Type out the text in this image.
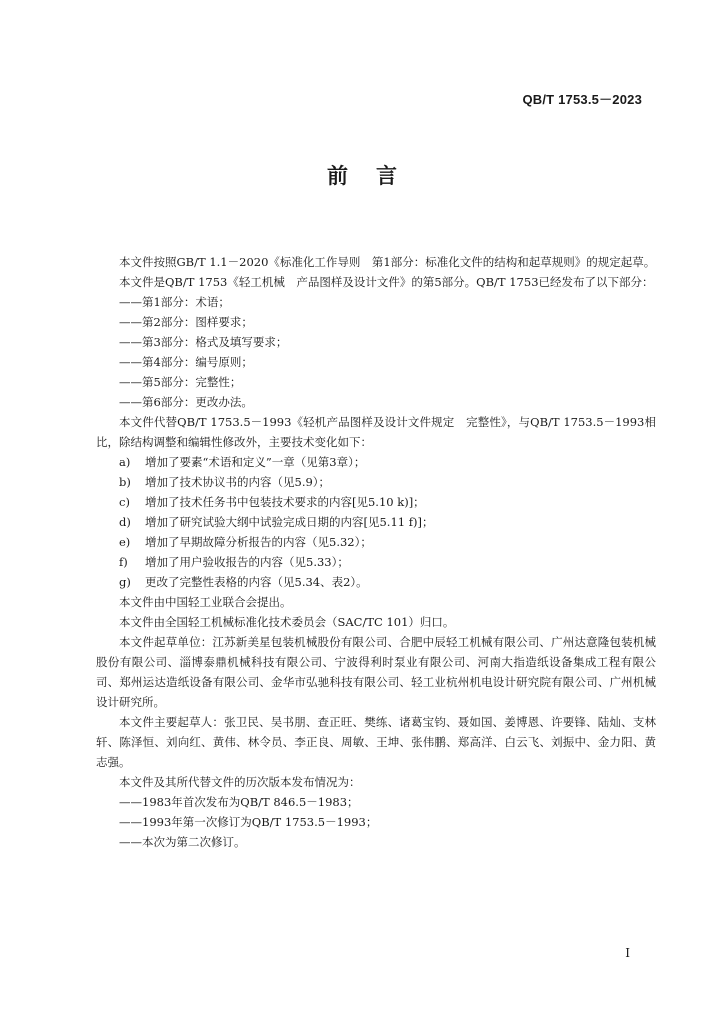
QB/T 1753.5－2023
前言

本文件按照GB/T 1.1－2020《标准化工作导则　第1部分：标准化文件的结构和起草规则》的规定起草。

本文件是QB/T 1753《轻工机械　产品图样及设计文件》的第5部分。QB/T 1753已经发布了以下部分：

——第1部分：术语；

——第2部分：图样要求；

——第3部分：格式及填写要求；

——第4部分：编号原则；

——第5部分：完整性；

——第6部分：更改办法。

本文件代替QB/T 1753.5－1993《轻机产品图样及设计文件规定　完整性》，与QB/T 1753.5－1993相比，除结构调整和编辑性修改外，主要技术变化如下：

a)	增加了要素“术语和定义”一章（见第3章）；
b)	增加了技术协议书的内容（见5.9）；
c)	增加了技术任务书中包装技术要求的内容[见5.10 k)]；
d)	增加了研究试验大纲中试验完成日期的内容[见5.11 f)]；
e)	增加了早期故障分析报告的内容（见5.32）；
f)	增加了用户验收报告的内容（见5.33）；
g)	更改了完整性表格的内容（见5.34、表2）。

本文件由中国轻工业联合会提出。

本文件由全国轻工机械标准化技术委员会（SAC/TC 101）归口。

本文件起草单位：江苏新美星包装机械股份有限公司、合肥中辰轻工机械有限公司、广州达意隆包装机械股份有限公司、淄博泰鼎机械科技有限公司、宁波得利时泵业有限公司、河南大指造纸设备集成工程有限公司、郑州运达造纸设备有限公司、金华市弘驰科技有限公司、轻工业杭州机电设计研究院有限公司、广州机械设计研究所。

本文件主要起草人：张卫民、吴书朋、查正旺、樊练、诸葛宝钧、聂如国、姜博恩、许要锋、陆灿、支林轩、陈泽恒、刘向红、黄伟、林令员、李正良、周敏、王坤、张伟鹏、郑高洋、白云飞、刘振中、金力阳、黄志强。

本文件及其所代替文件的历次版本发布情况为：

——1983年首次发布为QB/T 846.5－1983；

——1993年第一次修订为QB/T 1753.5－1993；

——本次为第二次修订。

I
